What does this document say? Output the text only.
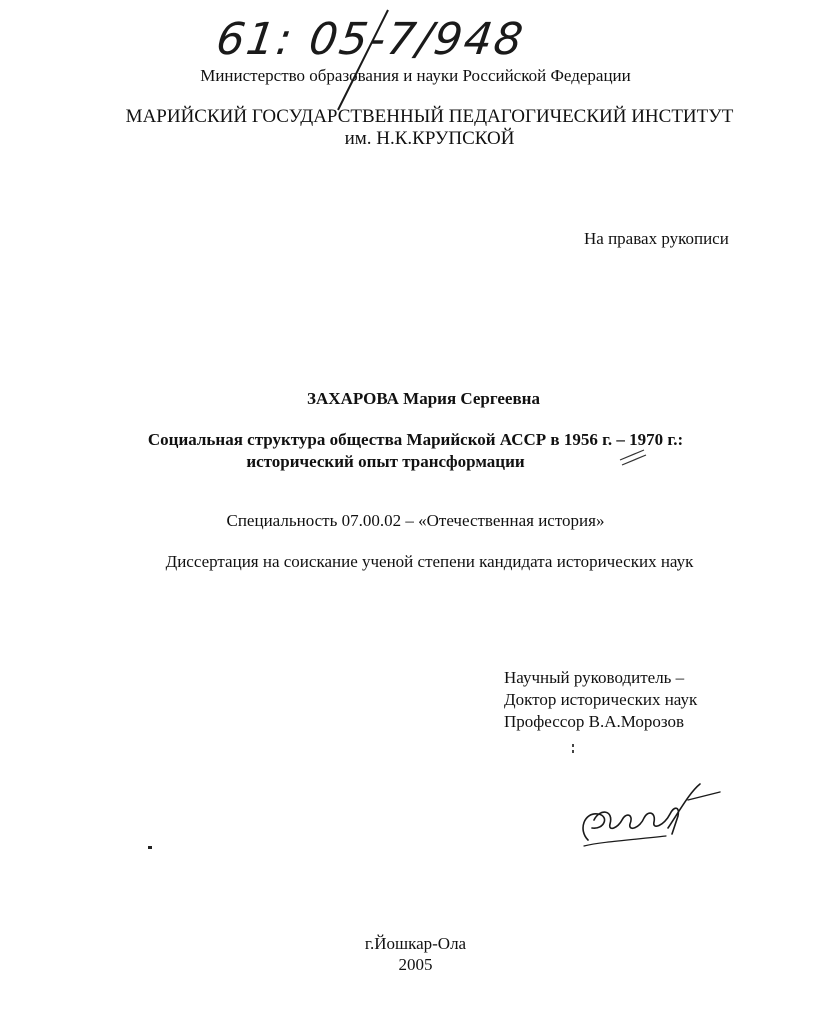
61: 05-7/948
Министерство образования и науки Российской Федерации
МАРИЙСКИЙ ГОСУДАРСТВЕННЫЙ ПЕДАГОГИЧЕСКИЙ ИНСТИТУТ
им. Н.К.КРУПСКОЙ
На правах рукописи
ЗАХАРОВА Мария Сергеевна
Социальная структура общества Марийской АССР в 1956 г. – 1970 г.:
исторический опыт трансформации
Специальность 07.00.02 – «Отечественная история»
Диссертация на соискание ученой степени кандидата исторических наук
Научный руководитель –
Доктор исторических наук
Профессор В.А.Морозов
г.Йошкар-Ола
2005
